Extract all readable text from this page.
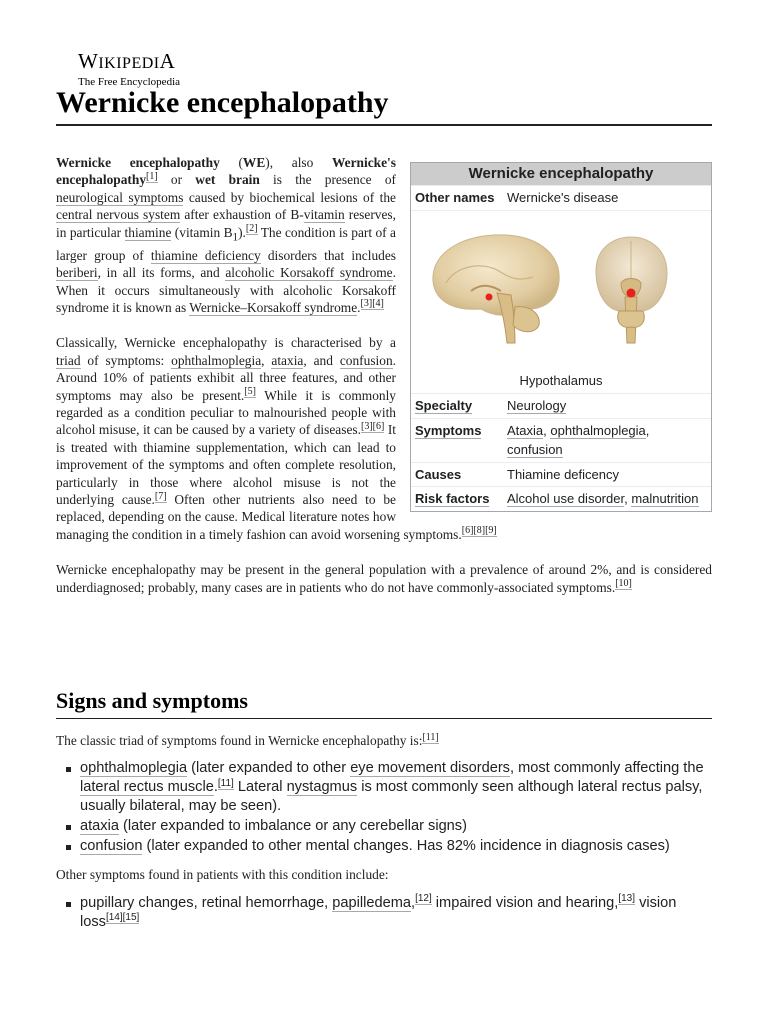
WIKIPEDIA
The Free Encyclopedia
Wernicke encephalopathy
Wernicke encephalopathy
Other names Wernicke's disease
Hypothalamus
Specialty	Neurology
Symptoms	Ataxia, ophthalmoplegia, confusion
Causes	Thiamine deficency
Risk factors	Alcohol use disorder, malnutrition

Wernicke encephalopathy (WE), also Wernicke's encephalopathy[1] or wet brain is the presence of neurological symptoms caused by biochemical lesions of the central nervous system after exhaustion of B-vitamin reserves, in particular thiamine (vitamin $B_1).[2]$ The condition is part of a larger group of thiamine deficiency disorders that includes beriberi, in all its forms, and alcoholic Korsakoff syndrome. When it occurs simultaneously with alcoholic Korsakoff syndrome it is known as Wernicke–Korsakoff syndrome.[3][4]

Classically, Wernicke encephalopathy is characterised by a triad of symptoms: ophthalmoplegia, ataxia, and confusion. Around 10% of patients exhibit all three features, and other symptoms may also be present.[5] While it is commonly regarded as a condition peculiar to malnourished people with alcohol misuse, it can be caused by a variety of diseases.[3][6] It is treated with thiamine supplementation, which can lead to improvement of the symptoms and often complete resolution, particularly in those where alcohol misuse is not the underlying cause.[7] Often other nutrients also need to be replaced, depending on the cause. Medical literature notes how managing the condition in a timely fashion can avoid worsening symptoms.[6][8][9]

Wernicke encephalopathy may be present in the general population with a prevalence of around 2%, and is considered underdiagnosed; probably, many cases are in patients who do not have commonly-associated symptoms.[10]

Signs and symptoms

The classic triad of symptoms found in Wernicke encephalopathy is:[11]

ophthalmoplegia (later expanded to other eye movement disorders, most commonly affecting the lateral rectus muscle.[11] Lateral nystagmus is most commonly seen although lateral rectus palsy, usually bilateral, may be seen).
ataxia (later expanded to imbalance or any cerebellar signs)
confusion (later expanded to other mental changes. Has 82% incidence in diagnosis cases)

Other symptoms found in patients with this condition include:

pupillary changes, retinal hemorrhage, papilledema,[12] impaired vision and hearing,[13] vision loss[14][15]
